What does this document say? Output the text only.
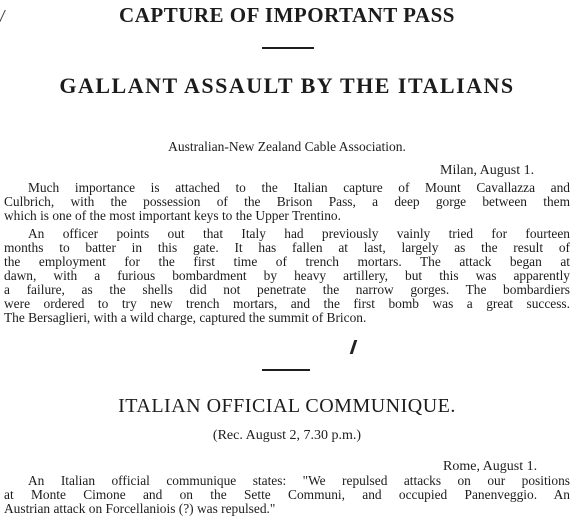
CAPTURE OF IMPORTANT PASS
GALLANT ASSAULT BY THE ITALIANS
Australian-New Zealand Cable Association.
Milan, August 1.
Much importance is attached to the Italian capture of Mount Cavallazza and
Culbrich, with the possession of the Brison Pass, a deep gorge between them
which is one of the most important keys to the Upper Trentino.
An officer points out that Italy had previously vainly tried for fourteen
months to batter in this gate. It has fallen at last, largely as the result of
the employment for the first time of trench mortars. The attack began at
dawn, with a furious bombardment by heavy artillery, but this was apparently
a failure, as the shells did not penetrate the narrow gorges. The bombardiers
were ordered to try new trench mortars, and the first bomb was a great success.
The Bersaglieri, with a wild charge, captured the summit of Bricon.
ITALIAN OFFICIAL COMMUNIQUE.
(Rec. August 2, 7.30 p.m.)
Rome, August 1.
An Italian official communique states: "We repulsed attacks on our positions
at Monte Cimone and on the Sette Communi, and occupied Panenveggio. An
Austrian attack on Forcellaniois (?) was repulsed."
